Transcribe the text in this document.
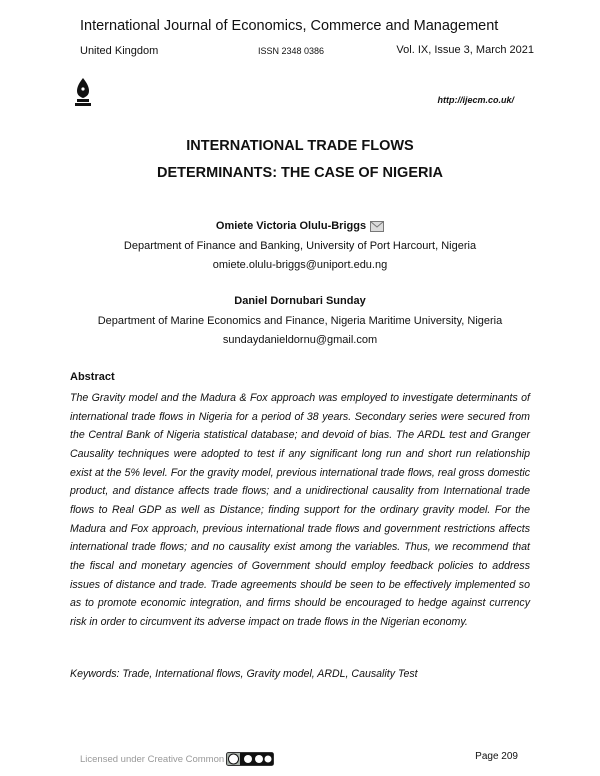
International Journal of Economics, Commerce and Management
United Kingdom	ISSN 2348 0386	Vol. IX, Issue 3, March 2021
http://ijecm.co.uk/
INTERNATIONAL TRADE FLOWS
DETERMINANTS: THE CASE OF NIGERIA
Omiete Victoria Olulu-Briggs
Department of Finance and Banking, University of Port Harcourt, Nigeria
omiete.olulu-briggs@uniport.edu.ng
Daniel Dornubari Sunday
Department of Marine Economics and Finance, Nigeria Maritime University, Nigeria
sundaydanieldornu@gmail.com
Abstract

The Gravity model and the Madura & Fox approach was employed to investigate determinants of international trade flows in Nigeria for a period of 38 years. Secondary series were secured from the Central Bank of Nigeria statistical database; and devoid of bias. The ARDL test and Granger Causality techniques were adopted to test if any significant long run and short run relationship exist at the 5% level. For the gravity model, previous international trade flows, real gross domestic product, and distance affects trade flows; and a unidirectional causality from International trade flows to Real GDP as well as Distance; finding support for the ordinary gravity model. For the Madura and Fox approach, previous international trade flows and government restrictions affects international trade flows; and no causality exist among the variables. Thus, we recommend that the fiscal and monetary agencies of Government should employ feedback policies to address issues of distance and trade. Trade agreements should be seen to be effectively implemented so as to promote economic integration, and firms should be encouraged to hedge against currency risk in order to circumvent its adverse impact on trade flows in the Nigerian economy.

Keywords: Trade, International flows, Gravity model, ARDL, Causality Test
Licensed under Creative Common	Page 209
